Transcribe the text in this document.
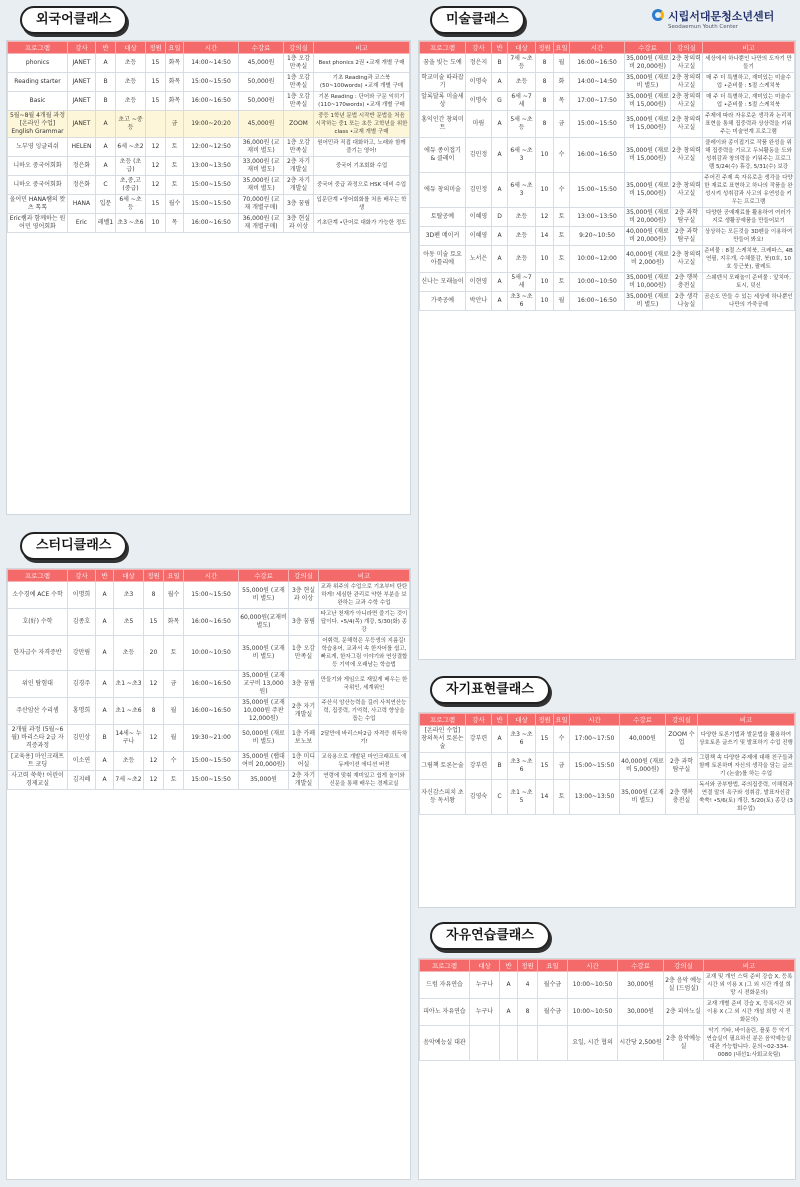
시립서대문청소년센터
Seodaemun Youth Center
외국어클래스
프로그램	강사	반	대상	정원	요일	시간	수강료	강의실	비고
phonics	JANET	A	초등	15	화목	14:00~14:50	45,000원	1층 오감 만족실	Best phonics 2권 •교재 개별 구매
Reading starter	JANET	B	초등	15	화목	15:00~15:50	50,000원	1층 오감 만족실	기초 Reading과 코스북 (50~100words) •교재 개별 구매
Basic	JANET	B	초등	15	화목	16:00~16:50	50,000원	1층 오감 만족실	기본 Reading : 단어와 구문 익히기 (110~170words) •교재 개별 구매
5월~8월 4개월 과정 [온라인 수업] English Grammar	JANET	A	초고 ~중등		금	19:00~20:20	45,000원	ZOOM	중등 1학년 문법 시작반 문법을 처음 시작하는 중1 또는 초등 고학년을 위한 class •교재 개별 구매
노부영 잉글리쉬	HELEN	A	6세 ~초2	12	토	12:00~12:50	36,000원 (교재비 별도)	1층 오감 만족실	원어민과 직접 대화하고, 노래와 함께 즐기는 영어!
니하오 중국어회화	정은화	A	초등 (초급)	12	토	13:00~13:50	33,000원 (교재비 별도)	2층 자기 개발실	중국어 기초회화 수업
니하오 중국어회화	정은화	C	초,중,고 (중급)	12	토	15:00~15:50	35,000원 (교재비 별도)	2층 자기 개발실	중국어 중급 과정으로 HSK 대비 수업
올어민 HANA쌤의 왓츠 톡톡	HANA	입문	6세 ~초등	15	월수	15:00~15:50	70,000원 (교재 개별구매)	3층 꿈림	입문단계 •영어회화를 처음 배우는 학생
Eric쌤과 함께하는 원어민 영어회화	Eric	레벨1	초3 ~초6	10	목	16:00~16:50	36,000원 (교재 개별구매)	3층 현실과 이상	기초단계 •단어로 대화가 가능한 정도
스터디클래스
프로그램	강사	반	대상	정원	요일	시간	수강료	강의실	비고
소수경예 ACE 수학	이명희	A	초3	8	월수	15:00~15:50	55,000원 (교재비 별도)	3층 현실과 이상	교과 위주의 수업으로 기초부터 탄탄하게! 세심한 관리로 약한 부분을 보완하는 교과 수학 수업
호(好) 수학	김종호	A	초5	15	화목	16:00~16:50	60,000원(교재비 별도)	3층 꿈림	타고난 천재가 아니라면 즐기는 것이 답이다. •5/4(목) 개강, 5/30(화) 종강
한자급수 자격증반	강만림	A	초등	20	토	10:00~10:50	35,000원 (교재비 별도)	1층 오감 만족실	어휘력, 문해력은 우등생의 지름길! 학습용어, 교과서 속 한자어를 쉽고, 빠르게, 한자그림 이야기와 연상결합 등 기억에 오래남는 학습법
위인 탐험대	김경주	A	초1 ~초3	12	금	16:00~16:50	35,000원 (교재 교구비 13,000원)	3층 꿈림	만들기와 게임으로 재밌게 배우는 한국위인, 세계위인
주산암산 수리셈	홍명희	A	초1 ~초6	8	월	16:00~16:50	35,000원 (교재 10,000원 주판 12,000원)	2층 자기 개발실	주산식 암산능력을 길러 사칙연산능력, 집중력, 기억력, 사고력 향상을 돕는 수업
2개월 과정 (5월~6월) 바리스타 2급 자격증과정	김민상	B	14세~ 누구나	12	월	19:30~21:00	50,000원 (재료비 별도)	1층 카페 보노보	2달만에 바리스타2급 자격증 취득하기!
[교육용] 마인크래프트 코딩	이소연	A	초등	12	수	15:00~15:50	35,000원 (랩대여비 20,000원)	1층 미디어실	교육용으로 개발된 마인크래프트 에듀케이션 에디션 버전
사고력 쑥쑥! 어린이 경제교실	김지혜	A	7세 ~초2	12	토	15:00~15:50	35,000원	2층 자기 개발실	연령에 맞춰 재미있고 쉽게 놀이와 신문을 통해 배우는 경제교실
미술클래스
프로그램	강사	반	대상	정원	요일	시간	수강료	강의실	비고
꿈을 빚는 도예	정은지	B	7세 ~초등	8	월	16:00~16:50	35,000원 (재료비 20,000원)	2층 창의력 사고실	세상에서 하나뿐인 나만의 도자기 만들기
학교미술 따라잡기	이명숙	A	초등	8	화	14:00~14:50	35,000원 (재료비 별도)	2층 창의력 사고실	매 주 더 특별하고, 재미있는 미술수업 •준비물 : 5절 스케치북
알록달록 미술세상	이명숙	G	6세 ~7세	8	목	17:00~17:50	35,000원 (재료비 15,000원)	2층 창의력 사고실	매 주 더 특별하고, 재미있는 미술수업 •준비물 : 5절 스케치북
홍익인간 창의미트	마림	A	5세 ~초등	8	금	15:00~15:50	35,000원 (재료비 15,000원)	2층 창의력 사고실	주제에 따라 자유로운 생각과 논리적 표현을 통해 집중력과 상상력을 키워주는 미술연계 프로그램
에듀 종이접기 & 클레이	김민정	A	6세 ~초3	10	수	16:00~16:50	35,000원 (재료비 15,000원)	2층 창의력 사고실	클레이와 종이접기로 작품 완성을 위해 집중력을 기르고 두뇌활동을 도와 성취감과 창의력을 키워주는 프로그램 5/24(수) 휴강, 5/31(수) 보강
에듀 창의미술	김민정	A	6세 ~초3	10	수	15:00~15:50	35,000원 (재료비 15,000원)	2층 창의력 사고실	주어진 주제 속 자유로운 생각을 다양한 재료로 표현하고 하나의 작품을 완성시켜 성취감과 사고의 유연성을 키우는 프로그램
토탈공예	이혜영	D	초등	12	토	13:00~13:50	35,000원 (재료비 20,000원)	2층 과학 탐구실	다양한 공예재료를 활용하여 여러가지로 생활공예품을 만들어보기
3D펜 메이커	이혜영	A	초등	14	토	9:20~10:50	40,000원 (재료비 20,000원)	2층 과학 탐구실	상상하는 모든것을 3D펜을 이용하여 만들어 봐요!
아동 미술 토요 아틀리에	노서은	A	초등	10	토	10:00~12:00	40,000원 (재료비 2,000원)	2층 창의력 사고실	준비물 : 8절 스케치북, 크레파스, 4B연필, 지우개, 수채물감, 붓(0호, 10호 둥근붓), 팔레트
신나는 모래놀이	이현영	A	5세 ~7세	10	토	10:00~10:50	35,000원 (재료비 10,000원)	2층 행복 충전실	스웨덴식 모래놀이 준비물 : 앞치마, 토시, 덧신
가죽공예	박안나	A	초3 ~초6	10	월	16:00~16:50	35,000원 (재료비 별도)	2층 생각 나눔실	곰손도 만들 수 있는 세상에 하나뿐인 나만의 가죽공예
자기표현클래스
프로그램	강사	반	대상	정원	요일	시간	수강료	강의실	비고
[온라인 수업] 창의독서 토론논술	강부련	A	초3 ~초6	15	수	17:00~17:50	40,000원	ZOOM 수업	다양한 토론기법과 발문법을 활용하여 상호토론 글쓰기 및 발표하기 수업 진행
그림책 토론논술	강부련	B	초3 ~초6	15	금	15:00~15:50	40,000원 (재료비 5,000원)	2층 과학 탐구실	그림책 속 다양한 주제에 대해 친구들과 함께 토론하며 자신의 생각을 담는 글쓰기 (논술)를 하는 수업
자신감스피치 초등 독서왕	김영숙	C	초1 ~초5	14	토	13:00~13:50	35,000원 (교재비 별도)	2층 행복 충전실	독서와 공부방법, 주의집중력, 이해력과 연결 말의 욕구와 성취감, 발표자신감 쑥쑥! •5/6(토) 개강, 5/20(토) 종강 (3회수업)
자유연습클래스
프로그램	대상	반	정원	요일	시간	수강료	강의실	비고
드럼 자유연습	누구나	A	4	월수금	10:00~10:50	30,000원	2층 음악 예능실 (드럼실)	교재 및 개인 스틱 준비 강습 X, 등록시간 외 이용 X (그 외 시간 개설 희망 시 전화문의)
피아노 자유연습	누구나	A	8	월수금	10:00~10:50	30,000원	2층 피아노실	교재 개별 준비 강습 X, 등록시간 외 이용 X (그 외 시간 개설 희망 시 전화문의)
음악예능실 대관					요일, 시간 협의	시간당 2,500원	2층 음악예능실	악기 기타, 바이올린, 플룻 등 악기 연습실이 필요하신 분은 음악예능실 대관 가능합니다. 문의~02-334-0080 (내선1:사회교육팀)
